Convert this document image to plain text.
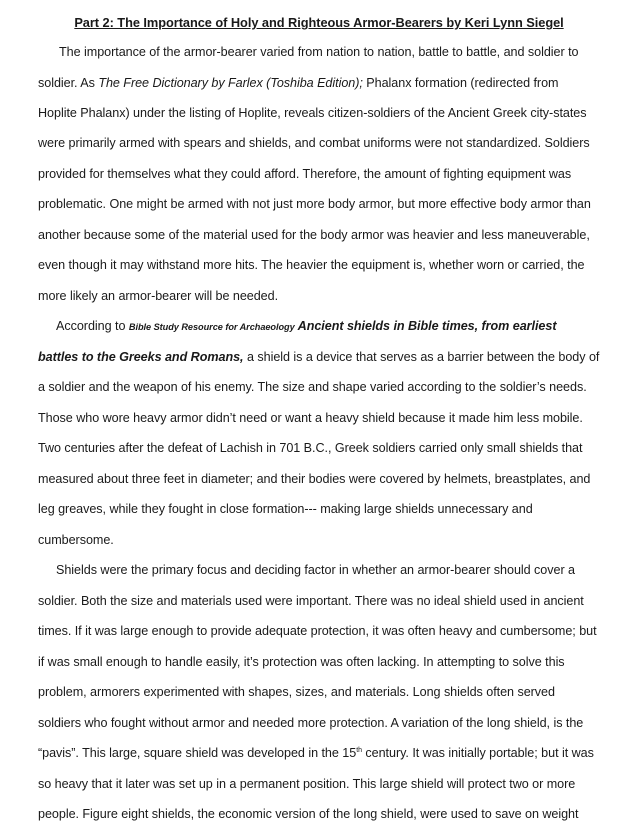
Part 2: The Importance of Holy and Righteous Armor-Bearers by Keri Lynn Siegel
The importance of the armor-bearer varied from nation to nation, battle to battle, and soldier to
soldier. As The Free Dictionary by Farlex (Toshiba Edition); Phalanx formation (redirected from
Hoplite Phalanx) under the listing of Hoplite, reveals citizen-soldiers of the Ancient Greek city-states
were primarily armed with spears and shields, and combat uniforms were not standardized. Soldiers
provided for themselves what they could afford. Therefore, the amount of fighting equipment was
problematic. One might be armed with not just more body armor, but more effective body armor than
another because some of the material used for the body armor was heavier and less maneuverable,
even though it may withstand more hits. The heavier the equipment is, whether worn or carried, the
more likely an armor-bearer will be needed.
According to Bible Study Resource for Archaeology Ancient shields in Bible times, from earliest
battles to the Greeks and Romans, a shield is a device that serves as a barrier between the body of
a soldier and the weapon of his enemy. The size and shape varied according to the soldier’s needs.
Those who wore heavy armor didn’t need or want a heavy shield because it made him less mobile.
Two centuries after the defeat of Lachish in 701 B.C., Greek soldiers carried only small shields that
measured about three feet in diameter; and their bodies were covered by helmets, breastplates, and
leg greaves, while they fought in close formation--- making large shields unnecessary and
cumbersome.
Shields were the primary focus and deciding factor in whether an armor-bearer should cover a
soldier. Both the size and materials used were important. There was no ideal shield used in ancient
times. If it was large enough to provide adequate protection, it was often heavy and cumbersome; but
if was small enough to handle easily, it’s protection was often lacking. In attempting to solve this
problem, armorers experimented with shapes, sizes, and materials. Long shields often served
soldiers who fought without armor and needed more protection. A variation of the long shield, is the
“pavis”. This large, square shield was developed in the 15th century. It was initially portable; but it was
so heavy that it later was set up in a permanent position. This large shield will protect two or more
people. Figure eight shields, the economic version of the long shield, were used to save on weight
